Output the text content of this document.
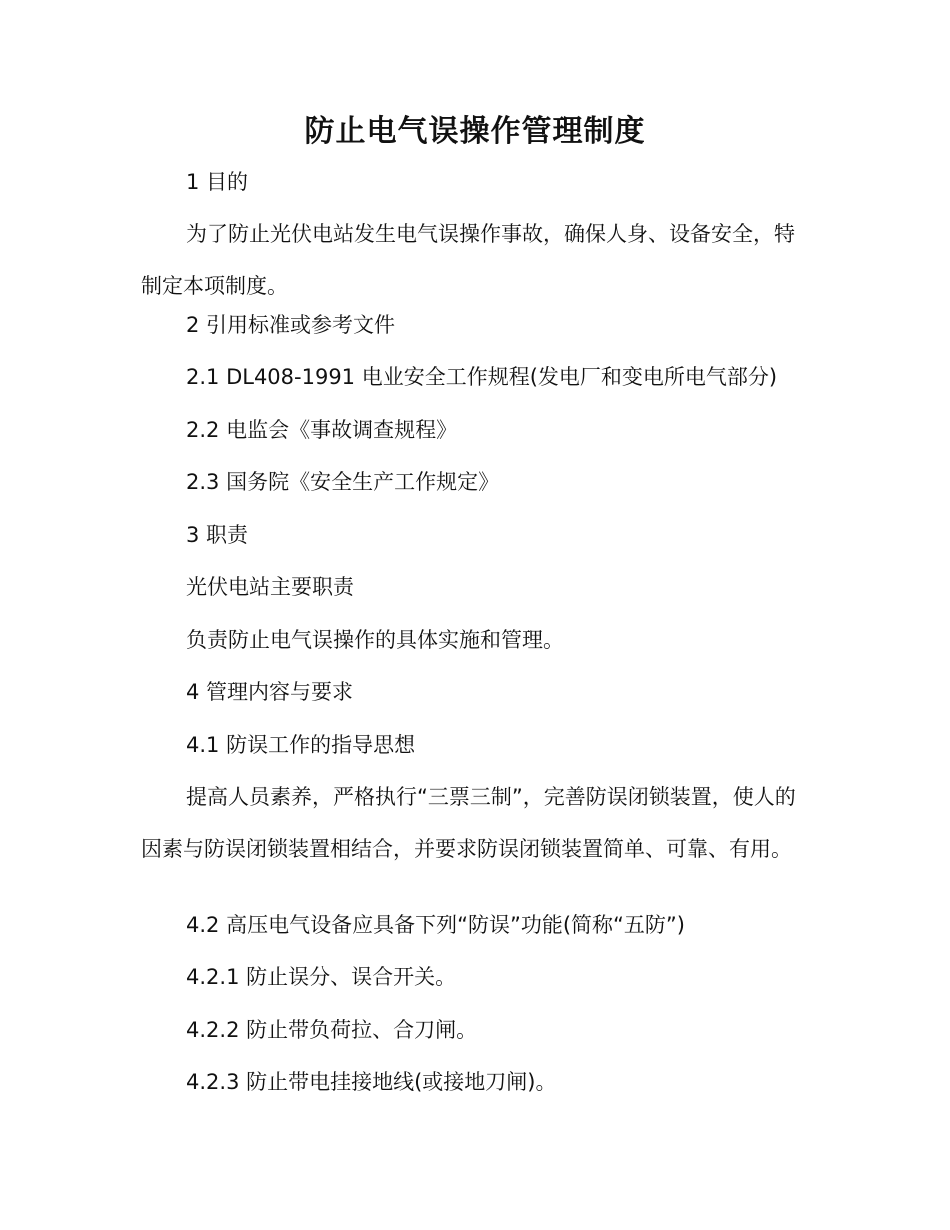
防止电气误操作管理制度
1 目的
为了防止光伏电站发生电气误操作事故，确保人身、设备安全，特制定本项制度。
2 引用标准或参考文件
2.1 DL408-1991 电业安全工作规程(发电厂和变电所电气部分)
2.2 电监会《事故调查规程》
2.3 国务院《安全生产工作规定》
3 职责
光伏电站主要职责
负责防止电气误操作的具体实施和管理。
4 管理内容与要求
4.1 防误工作的指导思想
提高人员素养，严格执行“三票三制”，完善防误闭锁装置，使人的因素与防误闭锁装置相结合，并要求防误闭锁装置简单、可靠、有用。
4.2 高压电气设备应具备下列“防误”功能(简称“五防”)
4.2.1 防止误分、误合开关。
4.2.2 防止带负荷拉、合刀闸。
4.2.3 防止带电挂接地线(或接地刀闸)。
